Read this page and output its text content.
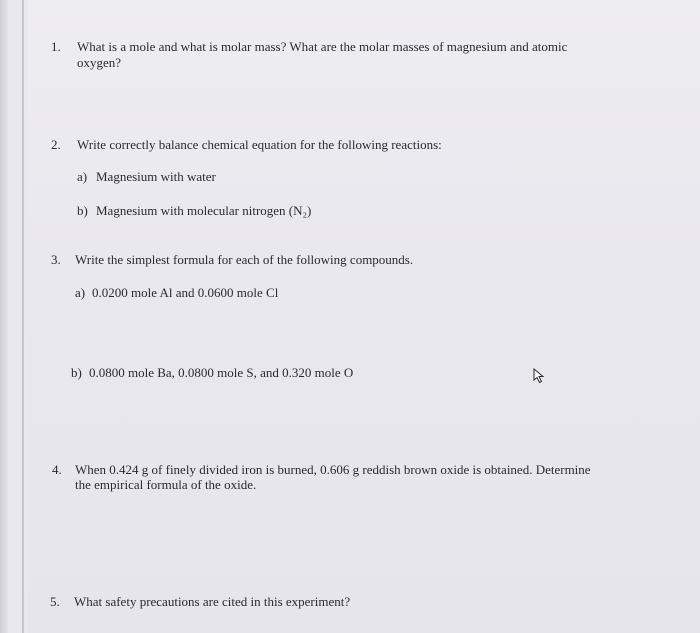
1. What is a mole and what is molar mass? What are the molar masses of magnesium and atomic
oxygen?
2. Write correctly balance chemical equation for the following reactions:
a) Magnesium with water
b) Magnesium with molecular nitrogen (N₂)
3. Write the simplest formula for each of the following compounds.
a) 0.0200 mole Al and 0.0600 mole Cl
b) 0.0800 mole Ba, 0.0800 mole S, and 0.320 mole O
4. When 0.424 g of finely divided iron is burned, 0.606 g reddish brown oxide is obtained. Determine
the empirical formula of the oxide.
5. What safety precautions are cited in this experiment?
